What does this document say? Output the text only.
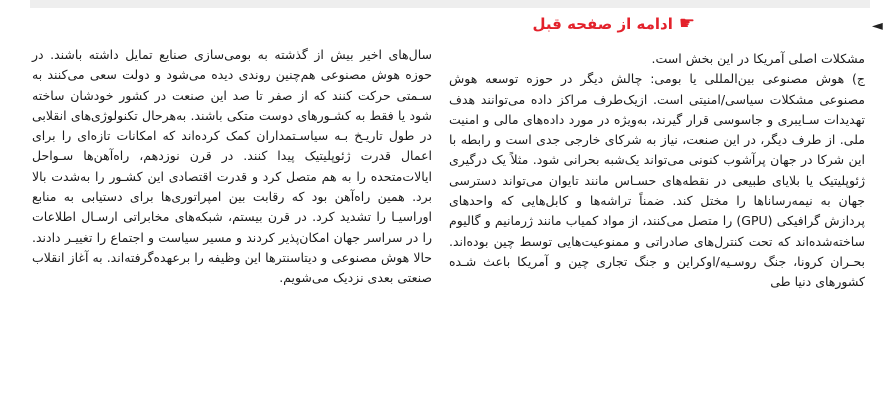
◄
☛
ادامه از صفحه قبل

مشکلات اصلی آمریکا در این بخش است.

ج) هوش مصنوعی بین‌المللی یا بومی: چالش دیگر در حوزه توسعه هوش مصنوعی مشکلات سیاسی/امنیتی است. ازیک‌طرف مراکز داده می‌توانند هدف تهدیدات سـایبری و جاسوسی قرار گیرند، به‌ویژه در مورد داده‌های مالی و امنیت ملی. از طرف دیگر، در این صنعت، نیاز به شرکای خارجی جدی است و رابطه با این شرکا در جهان پرآشوب کنونی می‌تواند یک‌شبه بحرانی شود. مثلاً یک درگیری ژئوپلیتیک یا بلایای طبیعی در نقطه‌های حسـاس مانند تایوان می‌تواند دسترسی جهان به نیمه‌رساناها را مختل کند. ضمناً تراشه‌ها و کابل‌هایی که واحدهای پردازش گرافیکی (GPU) را متصل می‌کنند، از مواد کمیاب مانند ژرمانیم و گالیوم ساخته‌شده‌اند که تحت کنترل‌های صادراتی و ممنوعیت‌هایی توسط چین بوده‌اند. بحـران کرونا، جنگ روسـیه/اوکراین و جنگ تجاری چین و آمریکا باعث شـده کشورهای دنیا طی

سال‌های اخیر بیش از گذشته به بومی‌سازی صنایع تمایل داشته باشند. در حوزه هوش مصنوعی هم‌چنین روندی دیده می‌شود و دولت سعی می‌کنند به سـمتی حرکت کنند که از صفر تا صد این صنعت در کشور خودشان ساخته شود یا فقط به کشـورهای دوست متکی باشند. به‌هرحال تکنولوژی‌های انقلابی در طول تاریـخ بـه سیاسـتمداران کمک کرده‌اند که امکانات تازه‌ای را برای اعمال قدرت ژئوپلیتیک پیدا کنند. در قرن نوزدهم، راه‌آهن‌ها سـواحل ایالات‌متحده را به هم متصل کرد و قدرت اقتصادی این کشـور را به‌شدت بالا برد. همین راه‌آهن بود که رقابت بین امپراتوری‌ها برای دستیابی به منابع اوراسیـا را تشدید کرد. در قرن بیستم، شبکه‌های مخابراتی ارسـال اطلاعات را در سراسر جهان امکان‌پذیر کردند و مسیر سیاست و اجتماع را تغییـر دادند. حالا هوش مصنوعی و دیتاسنترها این وظیفه را برعهده‌گرفته‌اند. به آغاز انقلاب صنعتی بعدی نزدیک می‌شویم.
